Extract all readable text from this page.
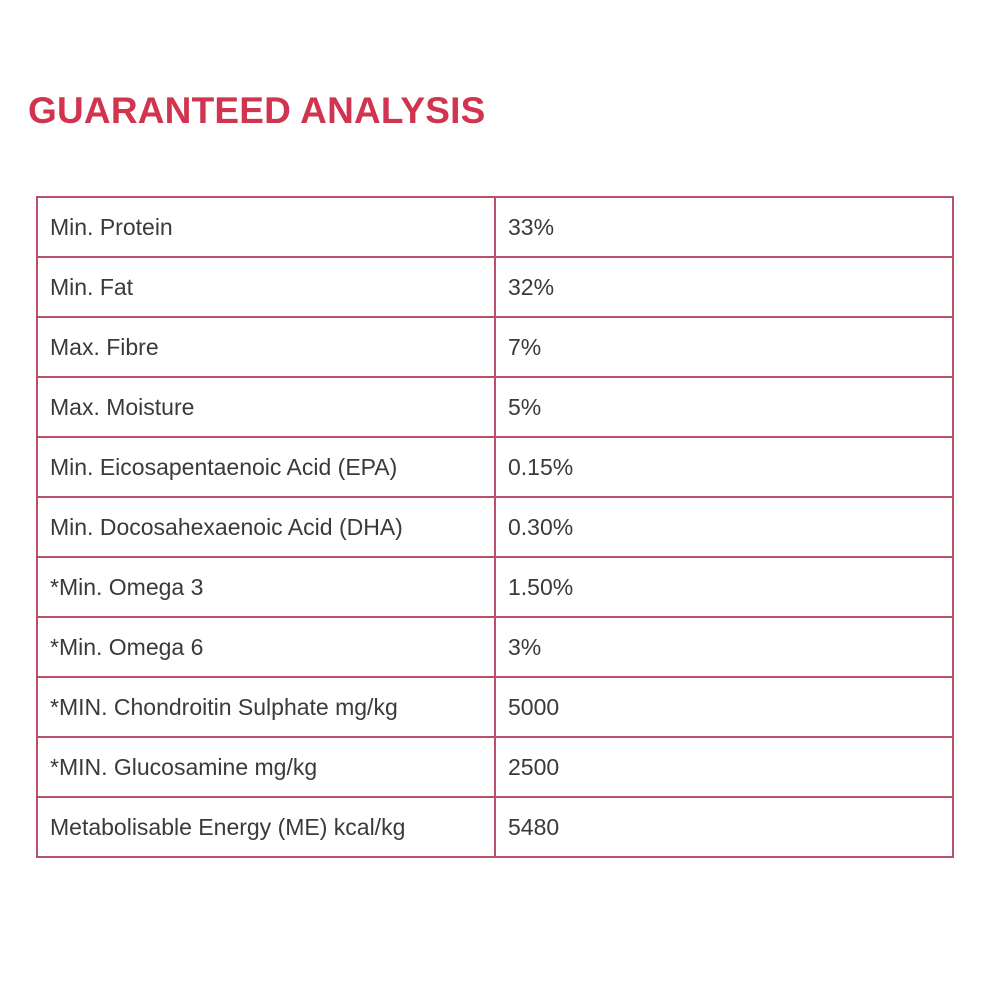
GUARANTEED ANALYSIS
Min. Protein	33%
Min. Fat	32%
Max. Fibre	7%
Max. Moisture	5%
Min. Eicosapentaenoic Acid (EPA)	0.15%
Min. Docosahexaenoic Acid (DHA)	0.30%
*Min. Omega 3	1.50%
*Min. Omega 6	3%
*MIN. Chondroitin Sulphate mg/kg	5000
*MIN. Glucosamine mg/kg	2500
Metabolisable Energy (ME) kcal/kg	5480
